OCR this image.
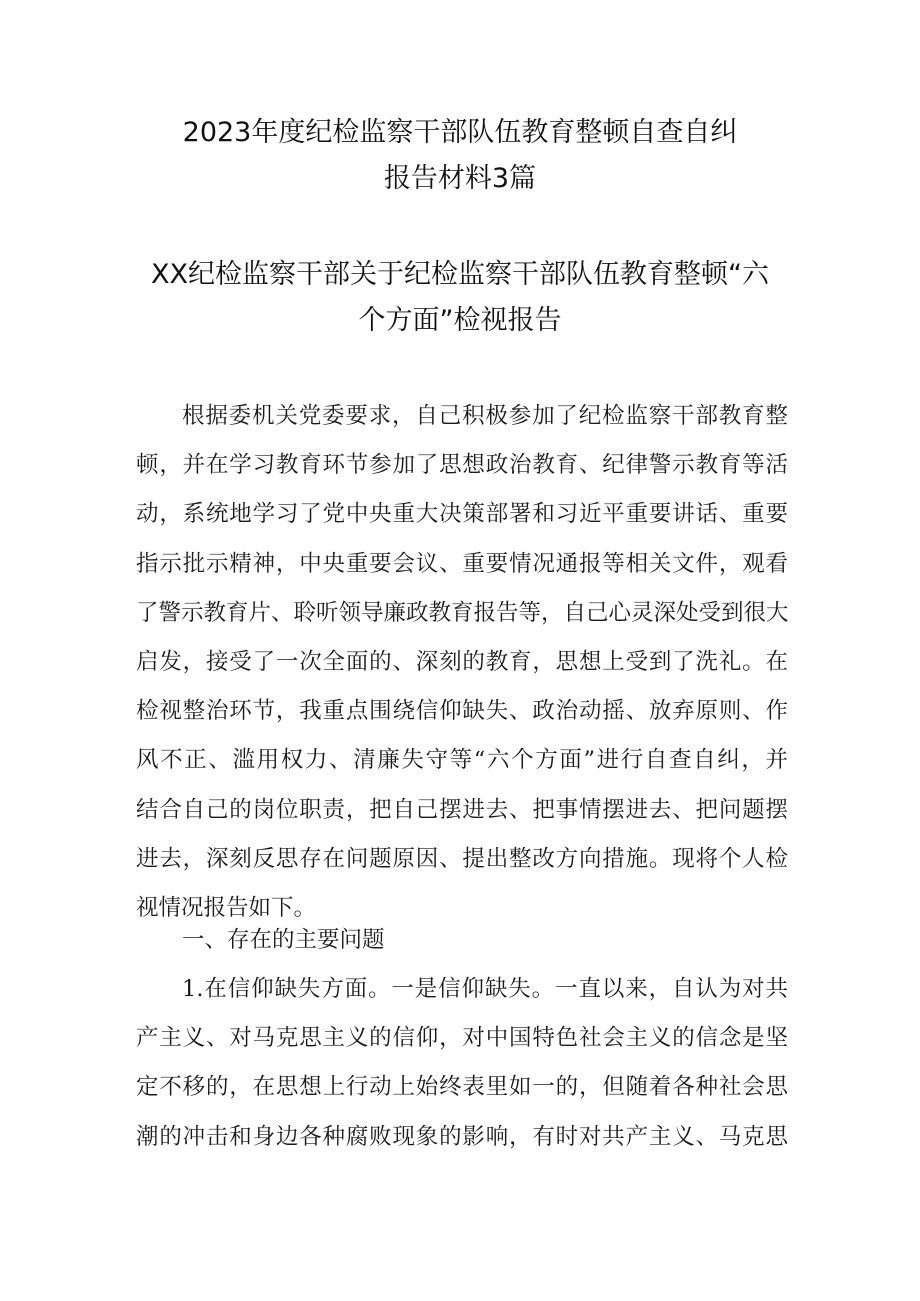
2023年度纪检监察干部队伍教育整顿自查自纠
报告材料3篇
XX纪检监察干部关于纪检监察干部队伍教育整顿“六
个方面”检视报告
根据委机关党委要求，自己积极参加了纪检监察干部教育整
顿，并在学习教育环节参加了思想政治教育、纪律警示教育等活
动，系统地学习了党中央重大决策部署和习近平重要讲话、重要
指示批示精神，中央重要会议、重要情况通报等相关文件，观看
了警示教育片、聆听领导廉政教育报告等，自己心灵深处受到很大
启发，接受了一次全面的、深刻的教育，思想上受到了洗礼。在
检视整治环节，我重点围绕信仰缺失、政治动摇、放弃原则、作
风不正、滥用权力、清廉失守等“六个方面”进行自查自纠，并
结合自己的岗位职责，把自己摆进去、把事情摆进去、把问题摆
进去，深刻反思存在问题原因、提出整改方向措施。现将个人检
视情况报告如下。
一、存在的主要问题
1.在信仰缺失方面。一是信仰缺失。一直以来，自认为对共
产主义、对马克思主义的信仰，对中国特色社会主义的信念是坚
定不移的，在思想上行动上始终表里如一的，但随着各种社会思
潮的冲击和身边各种腐败现象的影响，有时对共产主义、马克思
